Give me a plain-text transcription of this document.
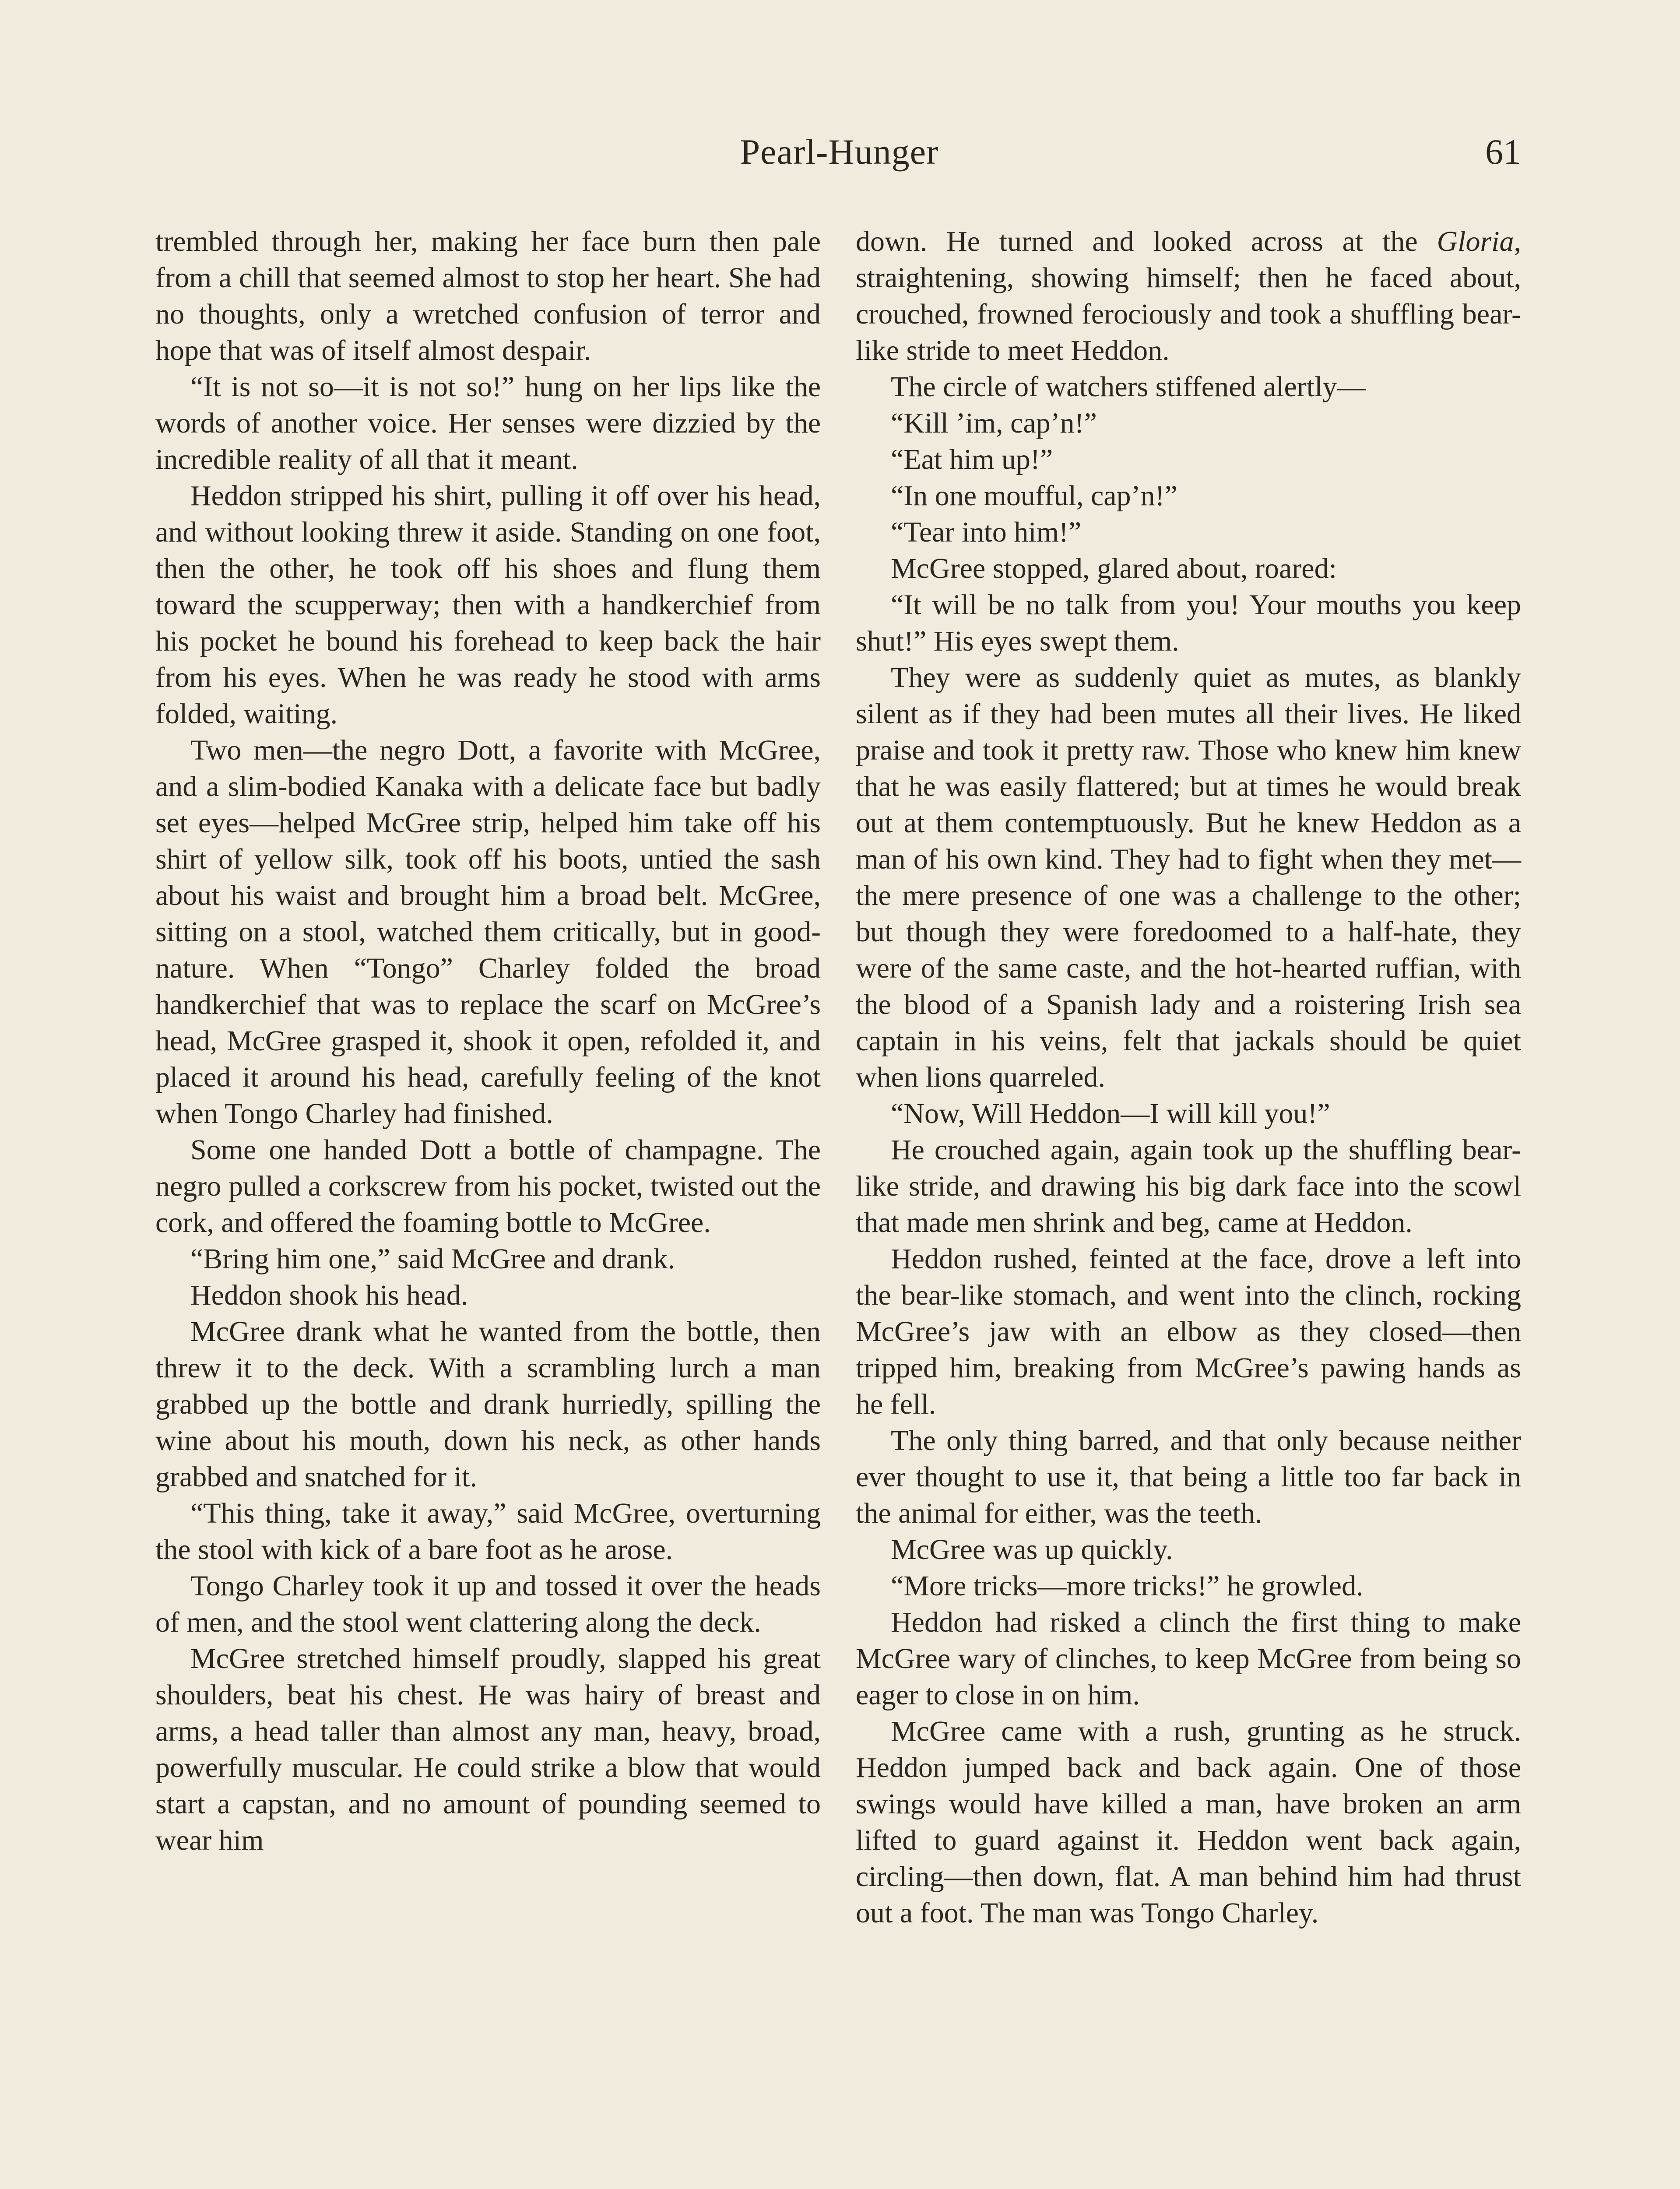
Pearl-Hunger	61

trembled through her, making her face burn then pale from a chill that seemed almost to stop her heart. She had no thoughts, only a wretched confusion of terror and hope that was of itself almost despair.

“It is not so—it is not so!” hung on her lips like the words of another voice. Her senses were dizzied by the incredible reality of all that it meant.

Heddon stripped his shirt, pulling it off over his head, and without looking threw it aside. Standing on one foot, then the other, he took off his shoes and flung them toward the scupperway; then with a handkerchief from his pocket he bound his forehead to keep back the hair from his eyes. When he was ready he stood with arms folded, waiting.

Two men—the negro Dott, a favorite with McGree, and a slim-bodied Kanaka with a delicate face but badly set eyes—helped McGree strip, helped him take off his shirt of yellow silk, took off his boots, untied the sash about his waist and brought him a broad belt. McGree, sitting on a stool, watched them critically, but in good-nature. When “Tongo” Charley folded the broad handkerchief that was to replace the scarf on McGree’s head, McGree grasped it, shook it open, refolded it, and placed it around his head, carefully feeling of the knot when Tongo Charley had finished.

Some one handed Dott a bottle of champagne. The negro pulled a corkscrew from his pocket, twisted out the cork, and offered the foaming bottle to McGree.

“Bring him one,” said McGree and drank.

Heddon shook his head.

McGree drank what he wanted from the bottle, then threw it to the deck. With a scrambling lurch a man grabbed up the bottle and drank hurriedly, spilling the wine about his mouth, down his neck, as other hands grabbed and snatched for it.

“This thing, take it away,” said McGree, overturning the stool with kick of a bare foot as he arose.

Tongo Charley took it up and tossed it over the heads of men, and the stool went clattering along the deck.

McGree stretched himself proudly, slapped his great shoulders, beat his chest. He was hairy of breast and arms, a head taller than almost any man, heavy, broad, powerfully muscular. He could strike a blow that would start a capstan, and no amount of pounding seemed to wear him

down. He turned and looked across at the Gloria, straightening, showing himself; then he faced about, crouched, frowned ferociously and took a shuffling bear-like stride to meet Heddon.

The circle of watchers stiffened alertly—

“Kill ’im, cap’n!”

“Eat him up!”

“In one moufful, cap’n!”

“Tear into him!”

McGree stopped, glared about, roared:

“It will be no talk from you! Your mouths you keep shut!” His eyes swept them.

They were as suddenly quiet as mutes, as blankly silent as if they had been mutes all their lives. He liked praise and took it pretty raw. Those who knew him knew that he was easily flattered; but at times he would break out at them contemptuously. But he knew Heddon as a man of his own kind. They had to fight when they met—the mere presence of one was a challenge to the other; but though they were foredoomed to a half-hate, they were of the same caste, and the hot-hearted ruffian, with the blood of a Spanish lady and a roistering Irish sea captain in his veins, felt that jackals should be quiet when lions quarreled.

“Now, Will Heddon—I will kill you!”

He crouched again, again took up the shuffling bear-like stride, and drawing his big dark face into the scowl that made men shrink and beg, came at Heddon.

Heddon rushed, feinted at the face, drove a left into the bear-like stomach, and went into the clinch, rocking McGree’s jaw with an elbow as they closed—then tripped him, breaking from McGree’s pawing hands as he fell.

The only thing barred, and that only because neither ever thought to use it, that being a little too far back in the animal for either, was the teeth.

McGree was up quickly.

“More tricks—more tricks!” he growled.

Heddon had risked a clinch the first thing to make McGree wary of clinches, to keep McGree from being so eager to close in on him.

McGree came with a rush, grunting as he struck. Heddon jumped back and back again. One of those swings would have killed a man, have broken an arm lifted to guard against it. Heddon went back again, circling—then down, flat. A man behind him had thrust out a foot. The man was Tongo Charley.
